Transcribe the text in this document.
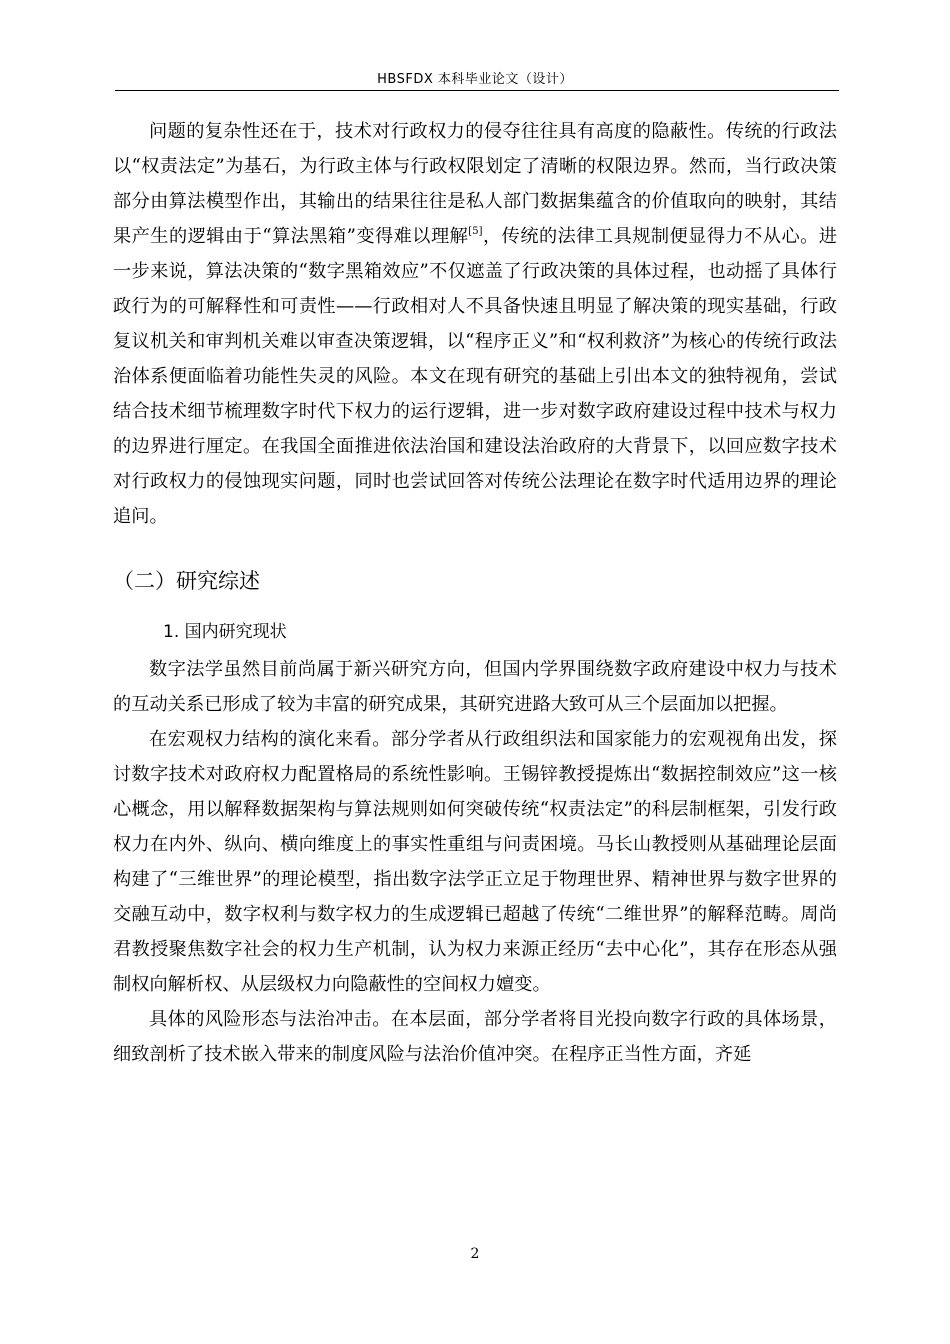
HBSFDX 本科毕业论文（设计）

问题的复杂性还在于，技术对行政权力的侵夺往往具有高度的隐蔽性。传统的行政法以“权责法定”为基石，为行政主体与行政权限划定了清晰的权限边界。然而，当行政决策部分由算法模型作出，其输出的结果往往是私人部门数据集蕴含的价值取向的映射，其结果产生的逻辑由于“算法黑箱”变得难以理解[5]，传统的法律工具规制便显得力不从心。进一步来说，算法决策的“数字黑箱效应”不仅遮盖了行政决策的具体过程，也动摇了具体行政行为的可解释性和可责性——行政相对人不具备快速且明显了解决策的现实基础，行政复议机关和审判机关难以审查决策逻辑，以“程序正义”和“权利救济”为核心的传统行政法治体系便面临着功能性失灵的风险。本文在现有研究的基础上引出本文的独特视角，尝试结合技术细节梳理数字时代下权力的运行逻辑，进一步对数字政府建设过程中技术与权力的边界进行厘定。在我国全面推进依法治国和建设法治政府的大背景下，以回应数字技术对行政权力的侵蚀现实问题，同时也尝试回答对传统公法理论在数字时代适用边界的理论追问。

（二）研究综述
1. 国内研究现状

数字法学虽然目前尚属于新兴研究方向，但国内学界围绕数字政府建设中权力与技术的互动关系已形成了较为丰富的研究成果，其研究进路大致可从三个层面加以把握。

在宏观权力结构的演化来看。部分学者从行政组织法和国家能力的宏观视角出发，探讨数字技术对政府权力配置格局的系统性影响。王锡锌教授提炼出“数据控制效应”这一核心概念，用以解释数据架构与算法规则如何突破传统“权责法定”的科层制框架，引发行政权力在内外、纵向、横向维度上的事实性重组与问责困境。马长山教授则从基础理论层面构建了“三维世界”的理论模型，指出数字法学正立足于物理世界、精神世界与数字世界的交融互动中，数字权利与数字权力的生成逻辑已超越了传统“二维世界”的解释范畴。周尚君教授聚焦数字社会的权力生产机制，认为权力来源正经历“去中心化”，其存在形态从强制权向解析权、从层级权力向隐蔽性的空间权力嬗变。

具体的风险形态与法治冲击。在本层面，部分学者将目光投向数字行政的具体场景，细致剖析了技术嵌入带来的制度风险与法治价值冲突。在程序正当性方面，齐延

2
